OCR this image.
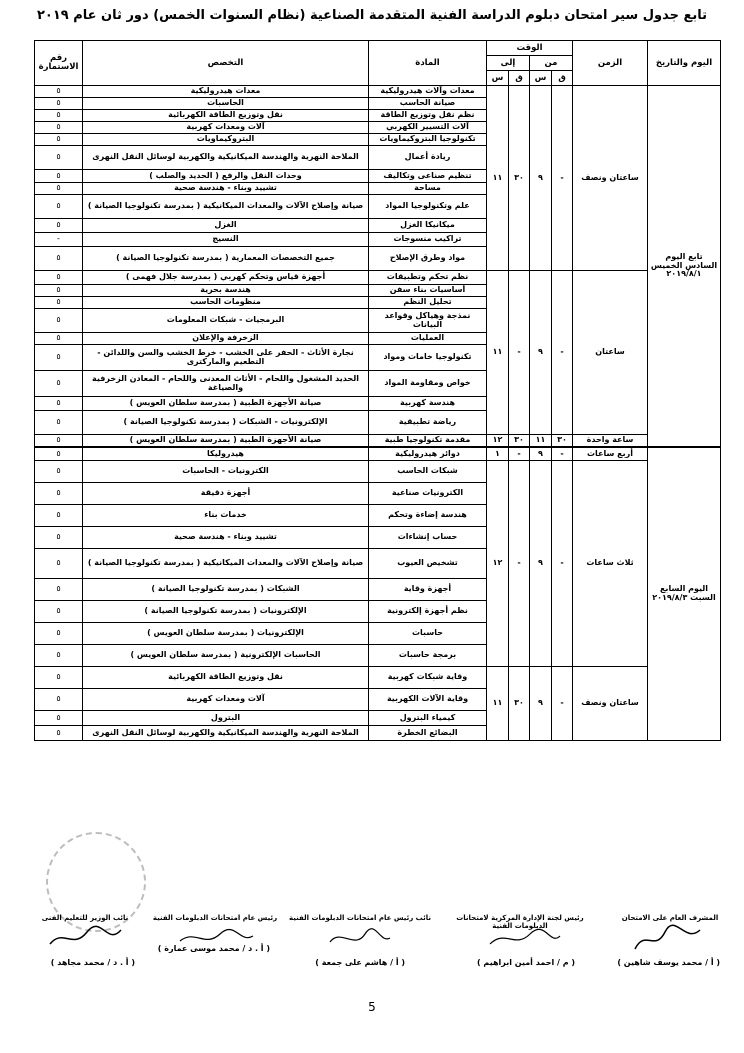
تابع جدول سير امتحان دبلوم الدراسة الفنية المتقدمة الصناعية (نظام السنوات الخمس) دور ثان عام ٢٠١٩
اليوم والتاريخ	الزمن	الوقت				المادة	التخصص	رقم الاستمارة
		من		إلى				
		ق	س	ق	س			
تابع اليوم السادس الخميس ٢٠١٩/٨/١	ساعتان ونصف	-	٩	٣٠	١١	معدات وآلات هيدروليكية	معدات هيدروليكية	٥
						صيانة الحاسب	الحاسبات	٥
						نظم نقل وتوزيع الطاقة	نقل وتوزيع الطاقة الكهربائية	٥
						آلات التسيير الكهربي	آلات ومعدات كهربية	٥
						تكنولوجيا البتروكيماويات	البتروكيماويات	٥
						ريادة أعمال	الملاحة النهرية والهندسة الميكانيكية والكهربية لوسائل النقل النهرى	٥
						تنظيم صناعى وتكاليف	وحدات النقل والرفع ( الحديد والصلب )	٥
						مساحة	تشييد وبناء - هندسة صحية	٥
						علم وتكنولوجيا المواد	صيانة وإصلاح الآلات والمعدات الميكانيكية ( بمدرسة تكنولوجيا الصيانة )	٥
						ميكانيكا الغزل	الغزل	٥
						تراكيب منسوجات	النسيج	-
						مواد وطرق الإصلاح	جميع التخصصات المعمارية ( بمدرسة تكنولوجيا الصيانة )	٥
	ساعتان	-	٩	-	١١	نظم تحكم وتطبيقات	أجهزة قياس وتحكم كهربي ( بمدرسة جلال فهمى )	٥
						أساسيات بناء سفن	هندسة بحرية	٥
						تحليل النظم	منظومات الحاسب	٥
						نمذجة وهياكل وقواعد البيانات	البرمجيات - شبكات المعلومات	٥
						العمليات	الزخرفة والإعلان	٥
						تكنولوجيا خامات ومواد	نجارة الأثاث - الحفر على الخشب - خرط الخشب والسن واللدائن - التطعيم والماركترى	٥
						خواص ومقاومة المواد	الحديد المشغول واللحام - الأثاث المعدنى واللحام - المعادن الزخرفية والصياغة	٥
						هندسة كهربية	صيانة الأجهزة الطبية ( بمدرسة سلطان العويس )	٥
						رياضة تطبيقية	الإلكترونيات - الشبكات ( بمدرسة تكنولوجيا الصيانة )	٥
	ساعة واحدة	٣٠	١١	٣٠	١٢	مقدمة تكنولوجيا طبية	صيانة الأجهزة الطبية ( بمدرسة سلطان العويس )	٥
اليوم السابع السبت ٢٠١٩/٨/٣	أربع ساعات	-	٩	-	١	دوائر هيدروليكية	هيدروليكا	٥
	ثلاث ساعات	-	٩	-	١٢	شبكات الحاسب	الكترونيات - الحاسبات	٥
						الكترونيات صناعية	أجهزة دقيقة	٥
						هندسة إضاءة وتحكم	خدمات بناء	٥
						حساب إنشاءات	تشييد وبناء - هندسة صحية	٥
						تشخيص العيوب	صيانة وإصلاح الآلات والمعدات الميكانيكية ( بمدرسة تكنولوجيا الصيانة )	٥
						أجهزة وقاية	الشبكات ( بمدرسة تكنولوجيا الصيانة )	٥
						نظم أجهزة إلكترونية	الإلكترونيات ( بمدرسة تكنولوجيا الصيانة )	٥
						حاسبات	الإلكترونيات ( بمدرسة سلطان العويس )	٥
						برمجة حاسبات	الحاسبات الإلكترونية ( بمدرسة سلطان العويس )	٥
	ساعتان ونصف	-	٩	٣٠	١١	وقاية شبكات كهربية	نقل وتوزيع الطاقة الكهربائية	٥
						وقاية الآلات الكهربية	آلات ومعدات كهربية	٥
						كيمياء البترول	البترول	٥
						البضائع الخطرة	الملاحة النهرية والهندسة الميكانيكية والكهربية لوسائل النقل النهرى	٥
المشرف العام على الامتحان
( أ / محمد يوسف شاهين )
رئيس لجنة الإدارة المركزية لامتحانات الدبلومات الفنية
( م / احمد أمين ابراهيم )
نائب رئيس عام امتحانات الدبلومات الفنية
( أ / هاشم على جمعة )
رئيس عام امتحانات الدبلومات الفنية
( أ . د / محمد موسى عمارة )
نائب الوزير للتعليم الفنى
( أ . د / محمد مجاهد )
5
